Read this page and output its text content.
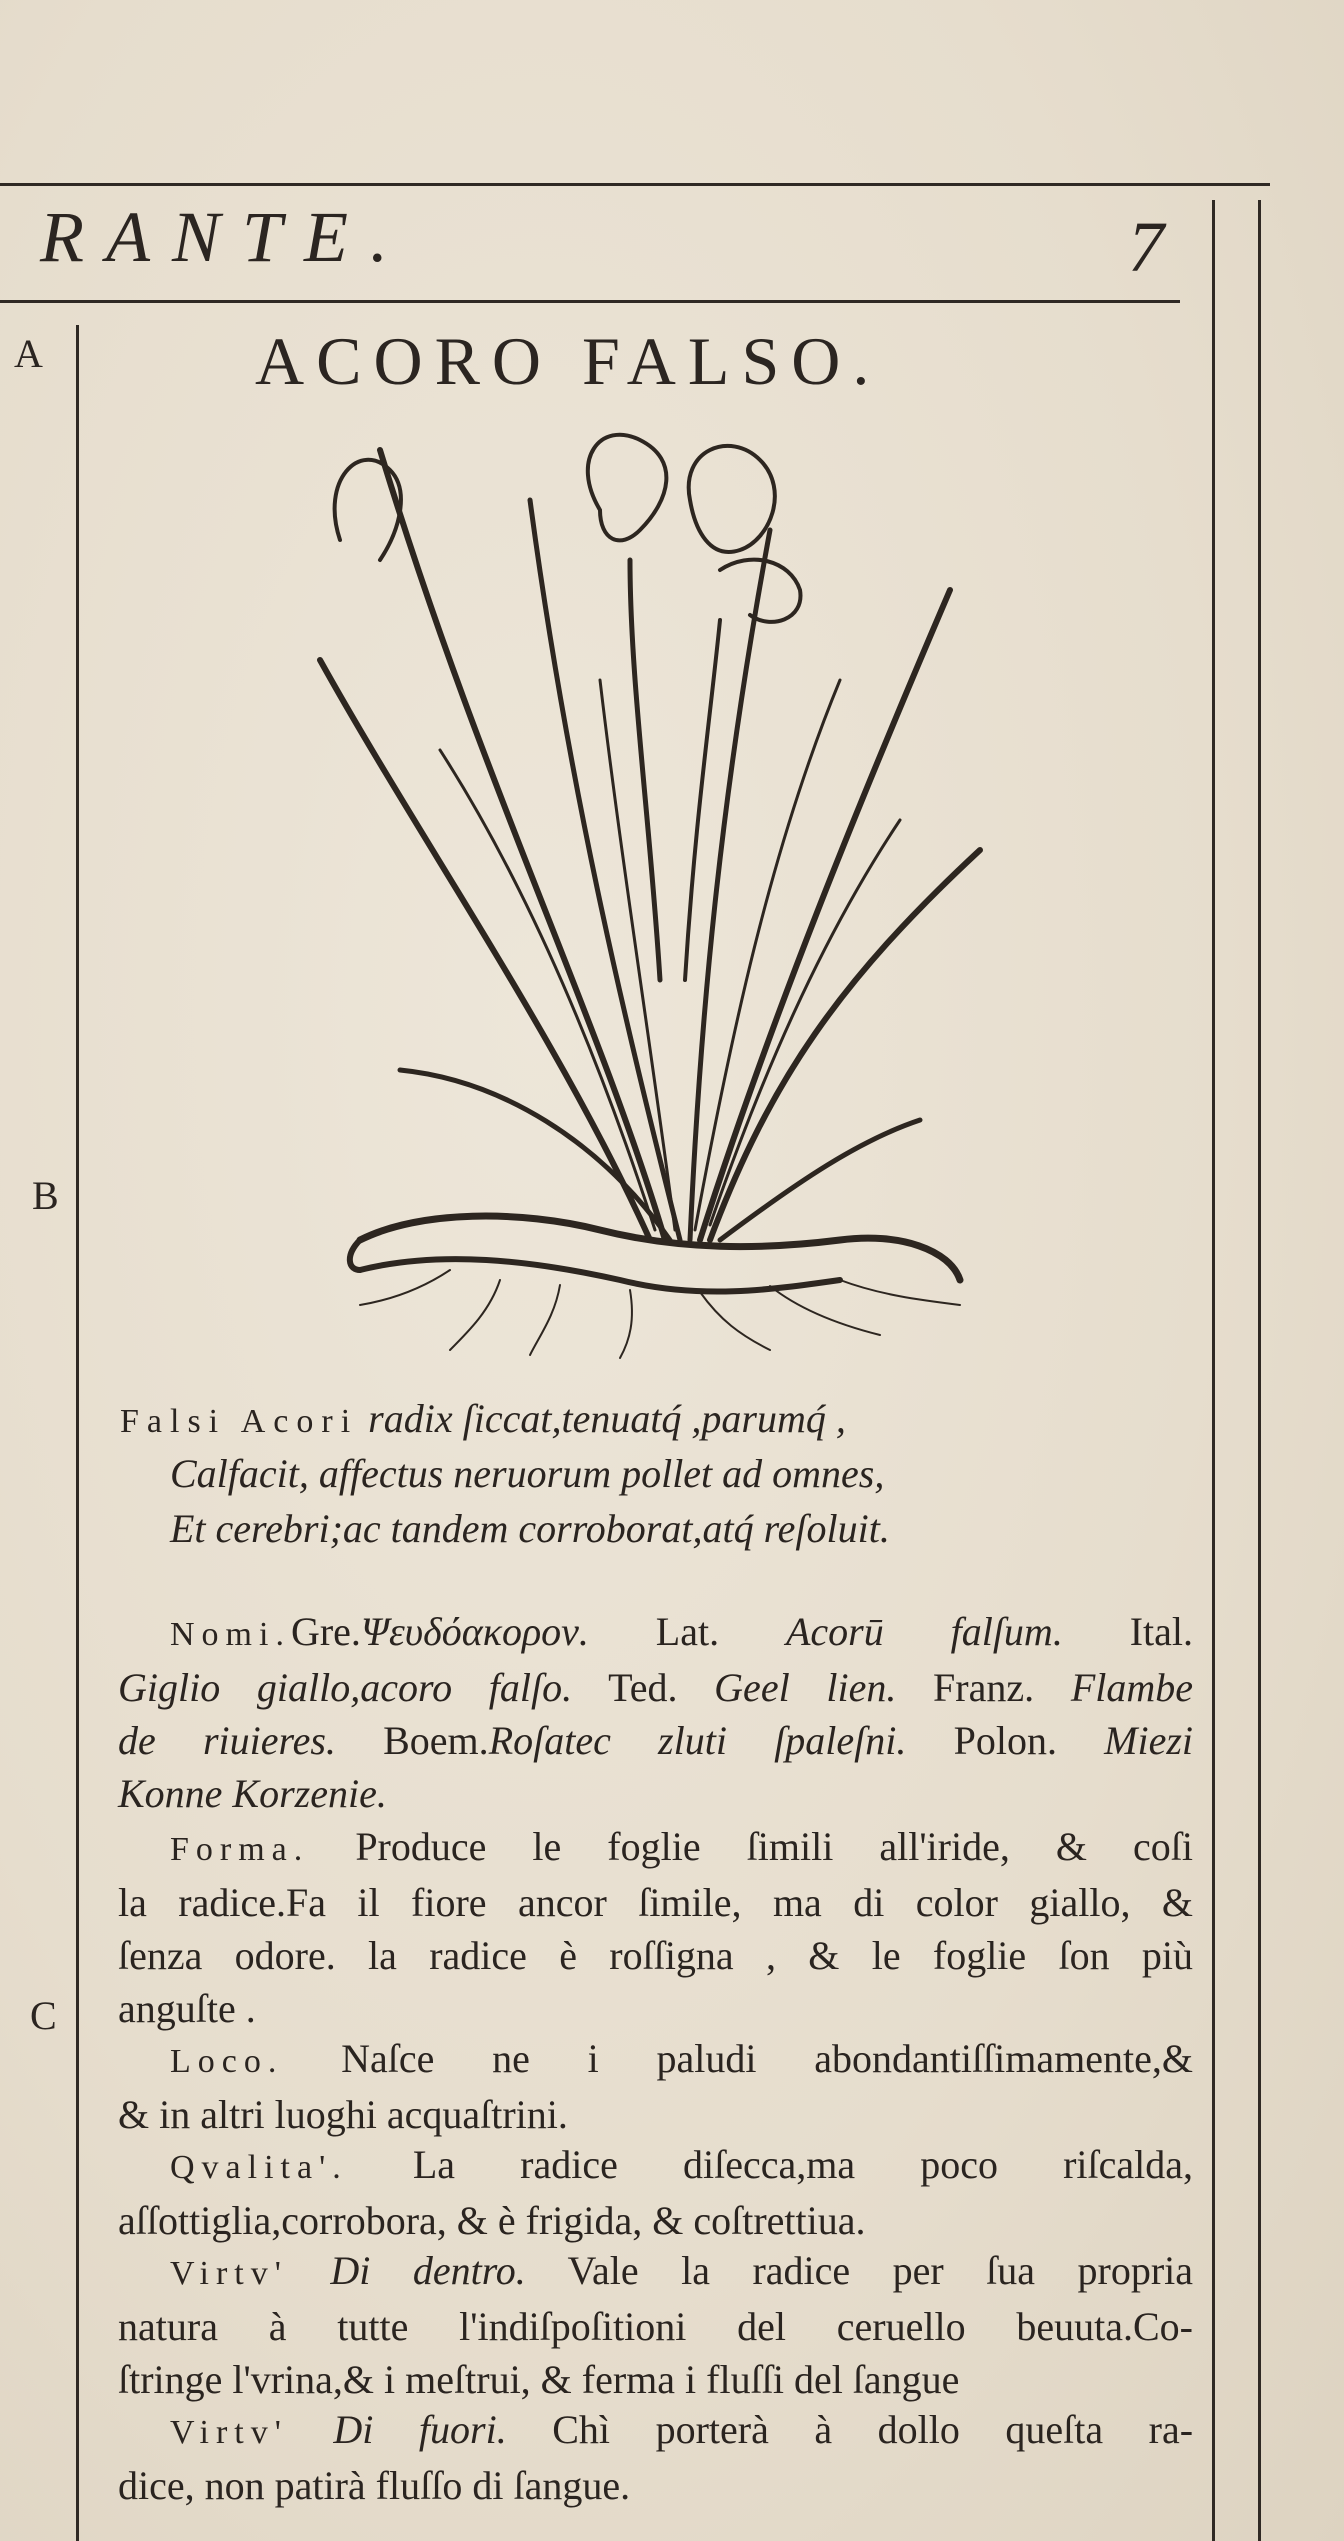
RANTE.	7
A
B
C
ACORO FALSO.
Falsi Acori radix ſiccat,tenuatq́ ,parumq́ ,
Calfacit, affectus neruorum pollet ad omnes,
Et cerebri;ac tandem corroborat,atq́ reſoluit.
Nomi.Gre.Ψευδόακορον. Lat. Acorū falſum. Ital.
Giglio giallo,acoro falſo. Ted. Geel lien. Franz. Flambe
de riuieres. Boem.Roſatec zluti ſpaleſni. Polon. Miezi
Konne Korzenie.
Forma. Produce le foglie ſimili all'iride, & coſi
la radice.Fa il fiore ancor ſimile, ma di color giallo, &
ſenza odore. la radice è roſſigna , & le foglie ſon più
anguſte .
Loco. Naſce ne i paludi abondantiſſimamente,&
& in altri luoghi acquaſtrini.
Qvalita'. La radice diſecca,ma poco riſcalda,
aſſottiglia,corrobora, & è frigida, & coſtrettiua.
Virtv' Di dentro. Vale la radice per ſua propria
natura à tutte l'indiſpoſitioni del ceruello beuuta.Co-
ſtringe l'vrina,& i meſtrui, & ferma i fluſſi del ſangue
Virtv' Di fuori. Chì porterà à dollo queſta ra-
dice, non patirà fluſſo di ſangue.
